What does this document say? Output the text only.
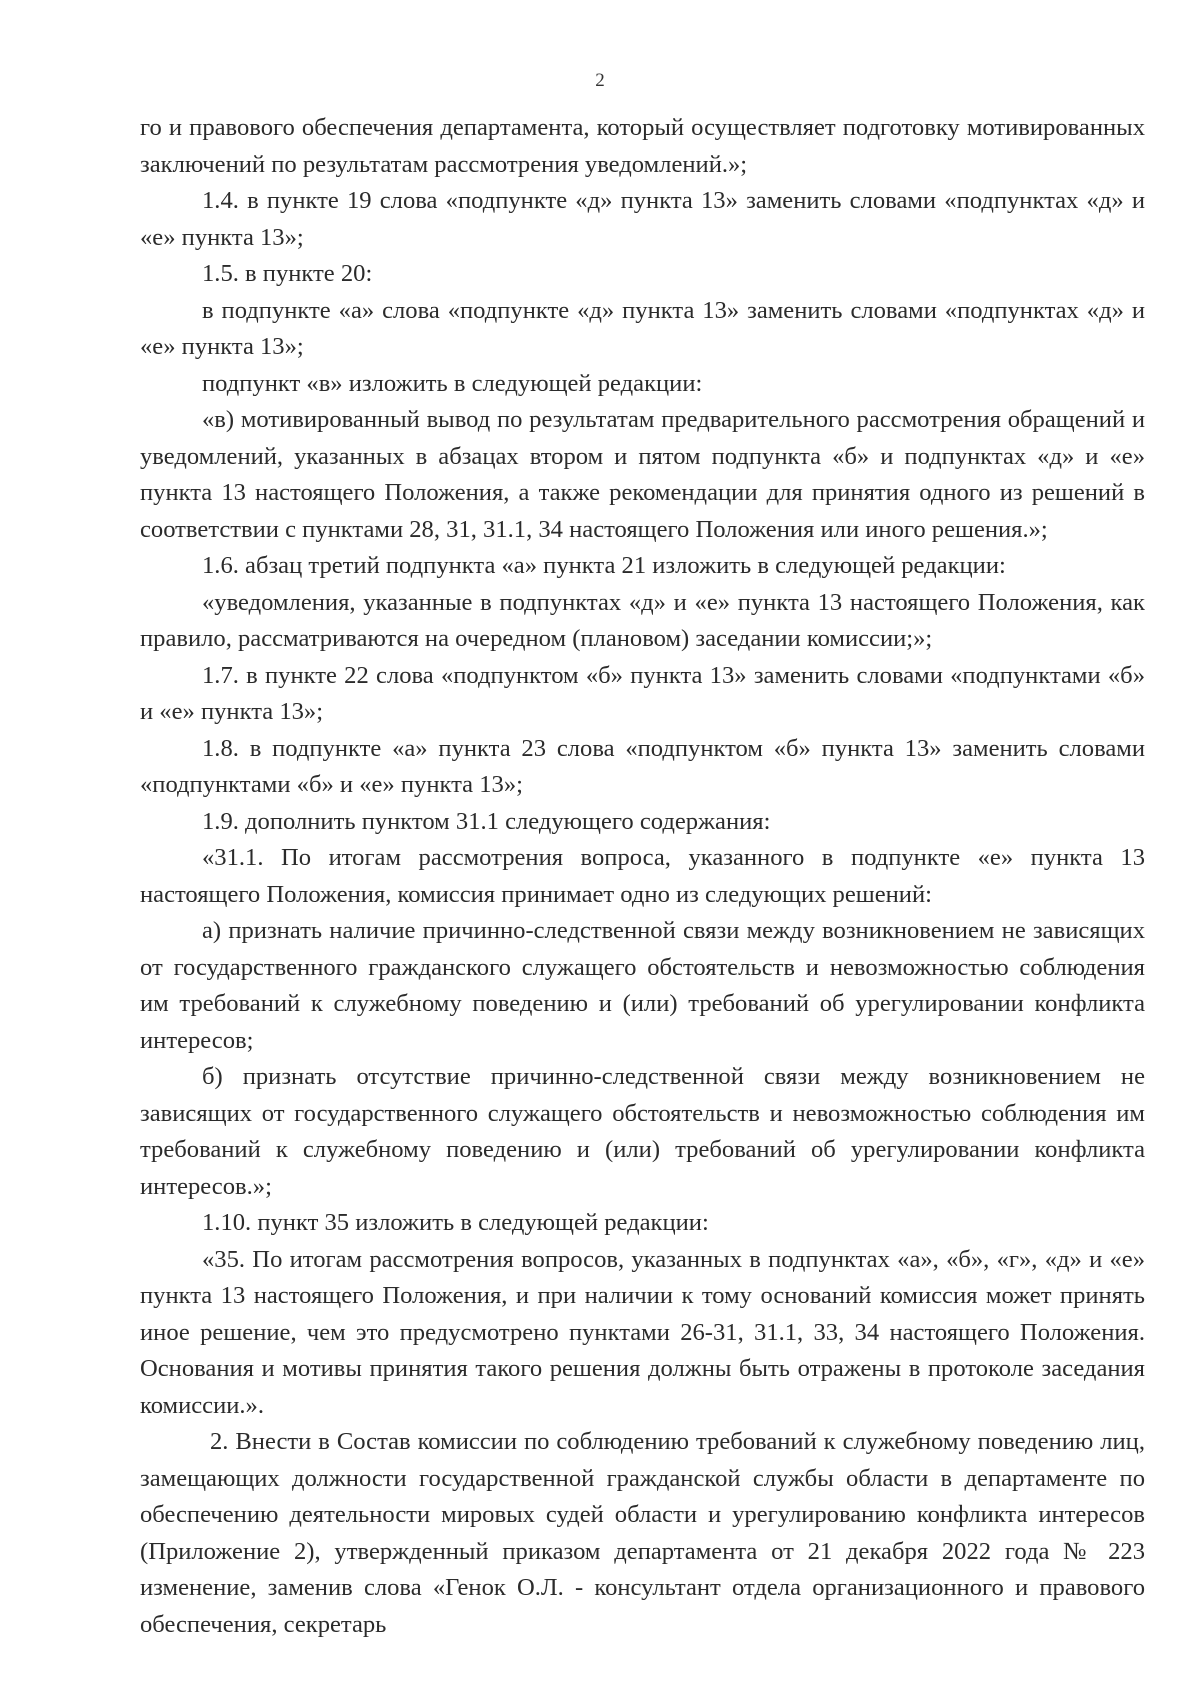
2

го и правового обеспечения департамента, который осуществляет подготовку мотивированных заключений по результатам рассмотрения уведомлений.»;

1.4. в пункте 19 слова «подпункте «д» пункта 13» заменить словами «подпунктах «д» и «е» пункта 13»;

1.5. в пункте 20:

в подпункте «а» слова «подпункте «д» пункта 13» заменить словами «подпунктах «д» и «е» пункта 13»;

подпункт «в» изложить в следующей редакции:

«в) мотивированный вывод по результатам предварительного рассмотрения обращений и уведомлений, указанных в абзацах втором и пятом подпункта «б» и подпунктах «д» и «е» пункта 13 настоящего Положения, а также рекомендации для принятия одного из решений в соответствии с пунктами 28, 31, 31.1, 34 настоящего Положения или иного решения.»;

1.6. абзац третий подпункта «а» пункта 21 изложить в следующей редакции:

«уведомления, указанные в подпунктах «д» и «е» пункта 13 настоящего Положения, как правило, рассматриваются на очередном (плановом) заседании комиссии;»;

1.7. в пункте 22 слова «подпунктом «б» пункта 13» заменить словами «подпунктами «б» и «е» пункта 13»;

1.8. в подпункте «а» пункта 23 слова «подпунктом «б» пункта 13» заменить словами «подпунктами «б» и «е» пункта 13»;

1.9. дополнить пунктом 31.1 следующего содержания:

«31.1. По итогам рассмотрения вопроса, указанного в подпункте «е» пункта 13 настоящего Положения, комиссия принимает одно из следующих решений:

а) признать наличие причинно-следственной связи между возникновением не зависящих от государственного гражданского служащего обстоятельств и невозможностью соблюдения им требований к служебному поведению и (или) требований об урегулировании конфликта интересов;

б) признать отсутствие причинно-следственной связи между возникновением не зависящих от государственного служащего обстоятельств и невозможностью соблюдения им требований к служебному поведению и (или) требований об урегулировании конфликта интересов.»;

1.10. пункт 35 изложить в следующей редакции:

«35. По итогам рассмотрения вопросов, указанных в подпунктах «а», «б», «г», «д» и «е» пункта 13 настоящего Положения, и при наличии к тому оснований комиссия может принять иное решение, чем это предусмотрено пунктами 26-31, 31.1, 33, 34 настоящего Положения. Основания и мотивы принятия такого решения должны быть отражены в протоколе заседания комиссии.».

2. Внести в Состав комиссии по соблюдению требований к служебному поведению лиц, замещающих должности государственной гражданской службы области в департаменте по обеспечению деятельности мировых судей области и урегулированию конфликта интересов (Приложение 2), утвержденный приказом департамента от 21 декабря 2022 года № 223 изменение, заменив слова «Генок О.Л. - консультант отдела организационного и правового обеспечения, секретарь
